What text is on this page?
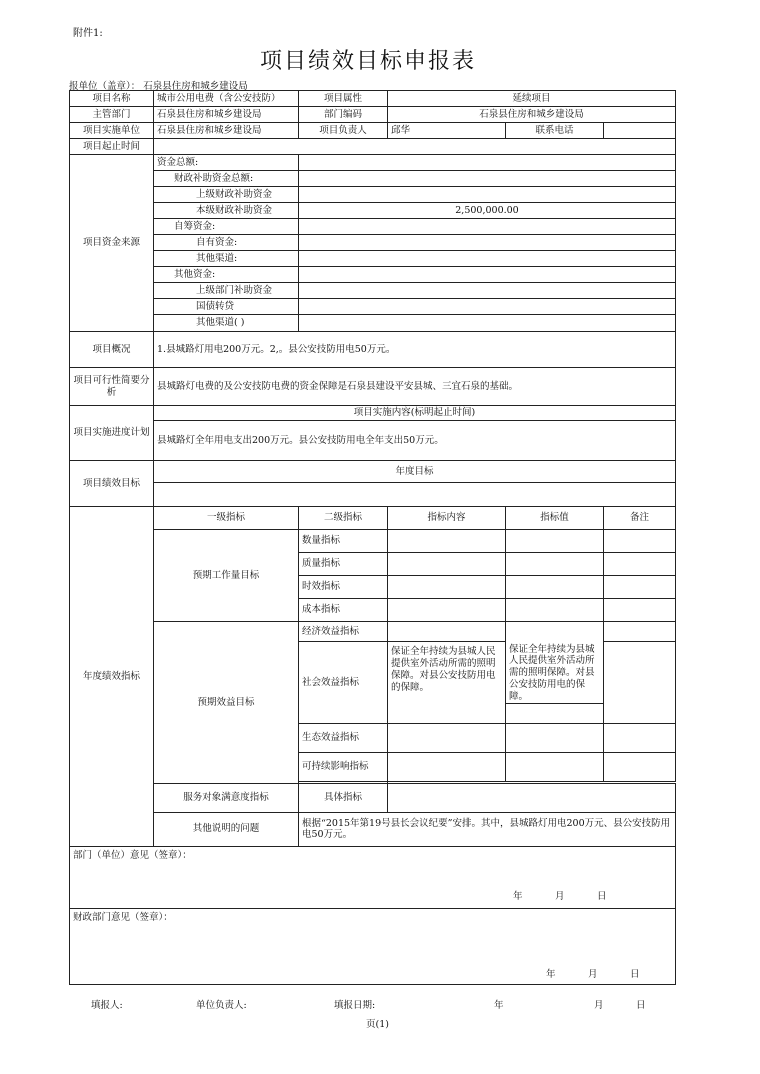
附件1:
项目绩效目标申报表
报单位（盖章）： 石泉县住房和城乡建设局
项目名称	城市公用电费（含公安技防）	项目属性	延续项目		
主管部门	石泉县住房和城乡建设局	部门编码	石泉县住房和城乡建设局		
项目实施单位	石泉县住房和城乡建设局	项目负责人	邱华	联系电话	
项目起止时间					
项目资金来源	资金总额:				
	财政补助资金总额:				
	上级财政补助资金				
	本级财政补助资金	2,500,000.00			
	自筹资金:				
	自有资金:				
	其他渠道:				
	其他资金:				
	上级部门补助资金				
	国债转贷				
	其他渠道( )				
项目概况	1.县城路灯用电200万元。2,。县公安技防用电50万元。				
项目可行性简要分析	县城路灯电费的及公安技防电费的资金保障是石泉县建设平安县城、三宜石泉的基础。				
项目实施进度计划	项目实施内容(标明起止时间)				
	县城路灯全年用电支出200万元。县公安技防用电全年支出50万元。				
项目绩效目标	年度目标				

年度绩效指标	一级指标	二级指标	指标内容	指标值	备注
	预期工作量目标	数量指标			
		质量指标			
		时效指标			
		成本指标			
	预期效益目标	经济效益指标			
		社会效益指标	保证全年持续为县城人民提供室外活动所需的照明保障。对县公安技防用电的保障。	保证全年持续为县城人民提供室外活动所需的照明保障。对县公安技防用电的保障。	

		生态效益指标			
		可持续影响指标			

	服务对象满意度指标	具体指标			
	其他说明的问题	根据“2015年第19号县长会议纪要”安排。其中，县城路灯用电200万元、县公安技防用电50万元。			
部门（单位）意见（签章）：
年 月 日					

财政部门意见（签章）：
年 月 日					
填报人:	单位负责人:	填报日期:	年	月	日
页(1)
